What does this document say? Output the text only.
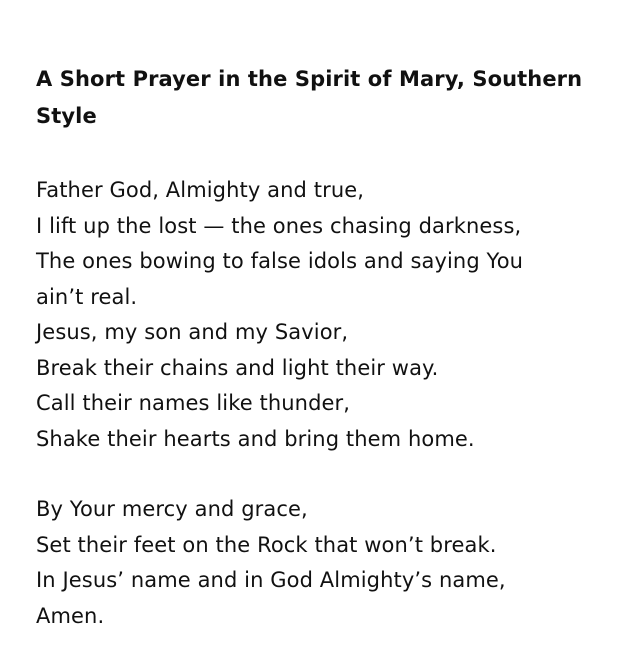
A Short Prayer in the Spirit of Mary, Southern Style
Father God, Almighty and true,
I lift up the lost — the ones chasing darkness,
The ones bowing to false idols and saying You
ain’t real.
Jesus, my son and my Savior,
Break their chains and light their way.
Call their names like thunder,
Shake their hearts and bring them home.
By Your mercy and grace,
Set their feet on the Rock that won’t break.
In Jesus’ name and in God Almighty’s name,
Amen.
